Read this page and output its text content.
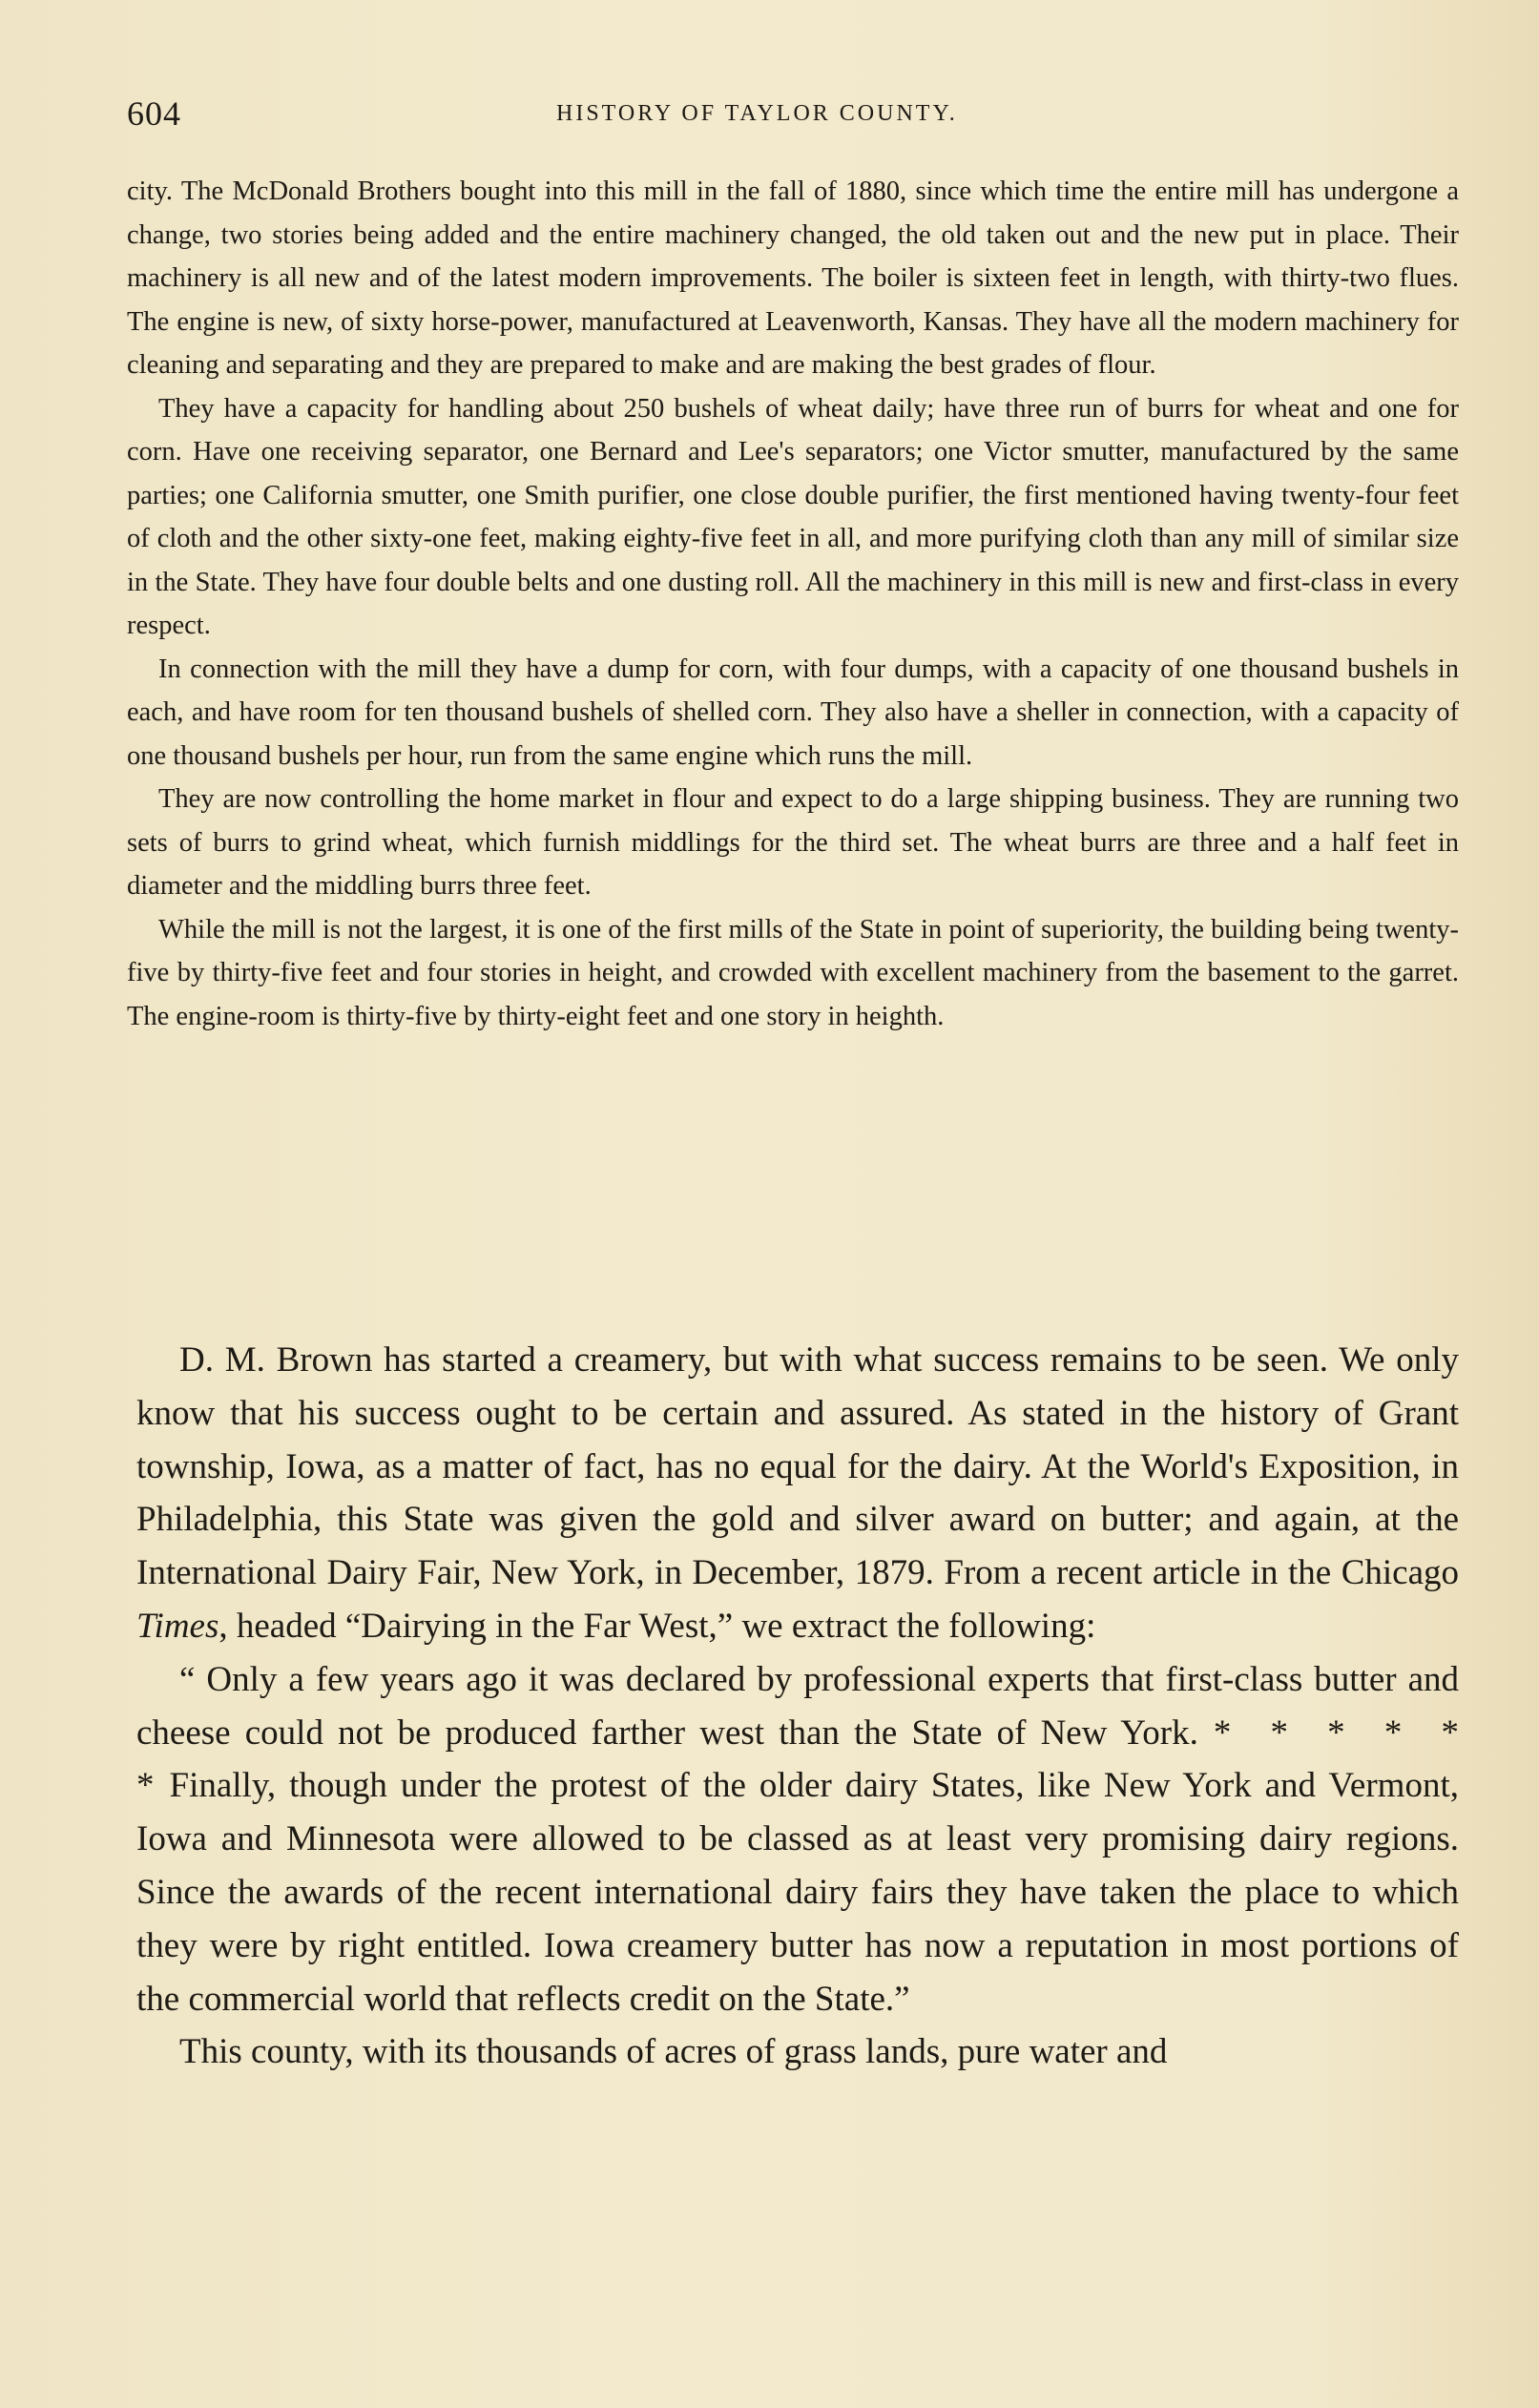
604	HISTORY OF TAYLOR COUNTY.

city. The McDonald Brothers bought into this mill in the fall of 1880, since which time the entire mill has undergone a change, two stories being added and the entire machinery changed, the old taken out and the new put in place. Their machinery is all new and of the latest modern improvements. The boiler is sixteen feet in length, with thirty-two flues. The engine is new, of sixty horse-power, manufactured at Leavenworth, Kansas. They have all the modern machinery for cleaning and separating and they are prepared to make and are making the best grades of flour.

They have a capacity for handling about 250 bushels of wheat daily; have three run of burrs for wheat and one for corn. Have one receiving separator, one Bernard and Lee's separators; one Victor smutter, manufactured by the same parties; one California smutter, one Smith purifier, one close double purifier, the first mentioned having twenty-four feet of cloth and the other sixty-one feet, making eighty-five feet in all, and more purifying cloth than any mill of similar size in the State. They have four double belts and one dusting roll. All the machinery in this mill is new and first-class in every respect.

In connection with the mill they have a dump for corn, with four dumps, with a capacity of one thousand bushels in each, and have room for ten thousand bushels of shelled corn. They also have a sheller in connection, with a capacity of one thousand bushels per hour, run from the same engine which runs the mill.

They are now controlling the home market in flour and expect to do a large shipping business. They are running two sets of burrs to grind wheat, which furnish middlings for the third set. The wheat burrs are three and a half feet in diameter and the middling burrs three feet.

While the mill is not the largest, it is one of the first mills of the State in point of superiority, the building being twenty-five by thirty-five feet and four stories in height, and crowded with excellent machinery from the basement to the garret. The engine-room is thirty-five by thirty-eight feet and one story in heighth.

D. M. Brown has started a creamery, but with what success remains to be seen. We only know that his success ought to be certain and assured. As stated in the history of Grant township, Iowa, as a matter of fact, has no equal for the dairy. At the World's Exposition, in Philadelphia, this State was given the gold and silver award on butter; and again, at the International Dairy Fair, New York, in December, 1879. From a recent article in the Chicago Times, headed “Dairying in the Far West,” we extract the following:

“ Only a few years ago it was declared by professional experts that first-class butter and cheese could not be produced farther west than the State of New York. * * * * * * Finally, though under the protest of the older dairy States, like New York and Vermont, Iowa and Minnesota were allowed to be classed as at least very promising dairy regions. Since the awards of the recent international dairy fairs they have taken the place to which they were by right entitled. Iowa creamery butter has now a reputation in most portions of the commercial world that reflects credit on the State.”

This county, with its thousands of acres of grass lands, pure water and
